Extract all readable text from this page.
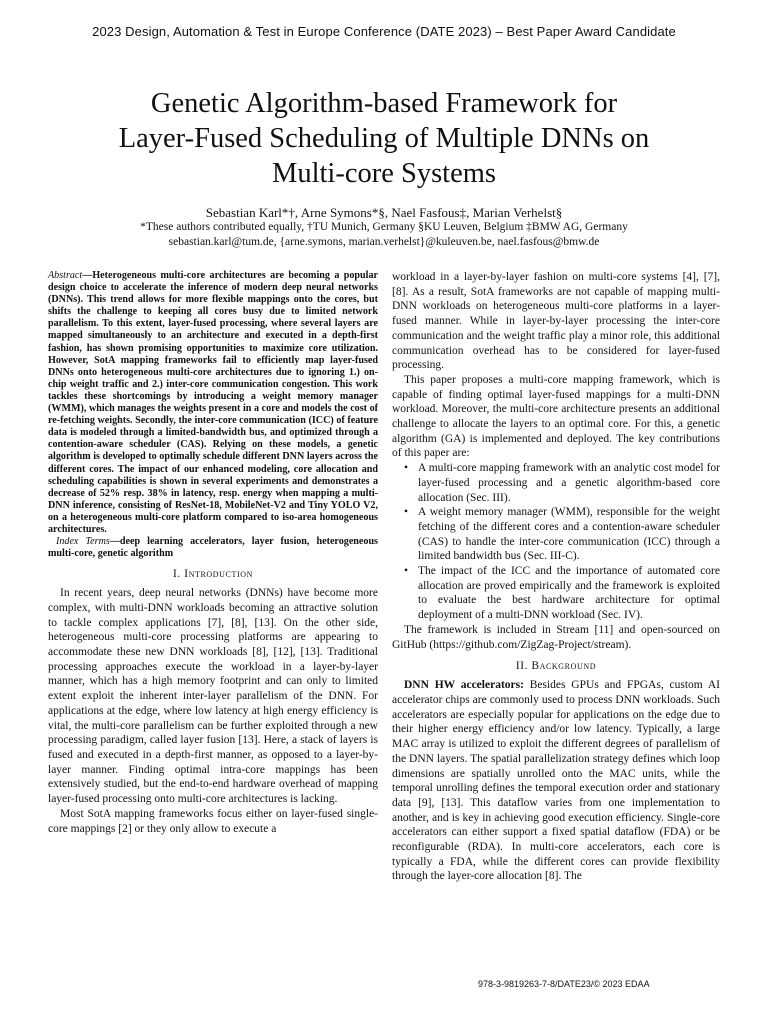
2023 Design, Automation & Test in Europe Conference (DATE 2023) – Best Paper Award Candidate
Genetic Algorithm-based Framework for
Layer-Fused Scheduling of Multiple DNNs on
Multi-core Systems
Sebastian Karl*†, Arne Symons*§, Nael Fasfous‡, Marian Verhelst§
*These authors contributed equally, †TU Munich, Germany §KU Leuven, Belgium ‡BMW AG, Germany
sebastian.karl@tum.de, {arne.symons, marian.verhelst}@kuleuven.be, nael.fasfous@bmw.de

Abstract—Heterogeneous multi-core architectures are becoming a popular design choice to accelerate the inference of modern deep neural networks (DNNs). This trend allows for more flexible mappings onto the cores, but shifts the challenge to keeping all cores busy due to limited network parallelism. To this extent, layer-fused processing, where several layers are mapped simultaneously to an architecture and executed in a depth-first fashion, has shown promising opportunities to maximize core utilization. However, SotA mapping frameworks fail to efficiently map layer-fused DNNs onto heterogeneous multi-core architectures due to ignoring 1.) on-chip weight traffic and 2.) inter-core communication congestion. This work tackles these shortcomings by introducing a weight memory manager (WMM), which manages the weights present in a core and models the cost of re-fetching weights. Secondly, the inter-core communication (ICC) of feature data is modeled through a limited-bandwidth bus, and optimized through a contention-aware scheduler (CAS). Relying on these models, a genetic algorithm is developed to optimally schedule different DNN layers across the different cores. The impact of our enhanced modeling, core allocation and scheduling capabilities is shown in several experiments and demonstrates a decrease of 52% resp. 38% in latency, resp. energy when mapping a multi-DNN inference, consisting of ResNet-18, MobileNet-V2 and Tiny YOLO V2, on a heterogeneous multi-core platform compared to iso-area homogeneous architectures.

Index Terms—deep learning accelerators, layer fusion, heterogeneous multi-core, genetic algorithm

I. Introduction

In recent years, deep neural networks (DNNs) have become more complex, with multi-DNN workloads becoming an attractive solution to tackle complex applications [7], [8], [13]. On the other side, heterogeneous multi-core processing platforms are appearing to accommodate these new DNN workloads [8], [12], [13]. Traditional processing approaches execute the workload in a layer-by-layer manner, which has a high memory footprint and can only to limited extent exploit the inherent inter-layer parallelism of the DNN. For applications at the edge, where low latency at high energy efficiency is vital, the multi-core parallelism can be further exploited through a new processing paradigm, called layer fusion [13]. Here, a stack of layers is fused and executed in a depth-first manner, as opposed to a layer-by-layer manner. Finding optimal intra-core mappings has been extensively studied, but the end-to-end hardware overhead of mapping layer-fused processing onto multi-core architectures is lacking.

Most SotA mapping frameworks focus either on layer-fused single-core mappings [2] or they only allow to execute a

workload in a layer-by-layer fashion on multi-core systems [4], [7], [8]. As a result, SotA frameworks are not capable of mapping multi-DNN workloads on heterogeneous multi-core platforms in a layer-fused manner. While in layer-by-layer processing the inter-core communication and the weight traffic play a minor role, this additional communication overhead has to be considered for layer-fused processing.

This paper proposes a multi-core mapping framework, which is capable of finding optimal layer-fused mappings for a multi-DNN workload. Moreover, the multi-core architecture presents an additional challenge to allocate the layers to an optimal core. For this, a genetic algorithm (GA) is implemented and deployed. The key contributions of this paper are:

• A multi-core mapping framework with an analytic cost model for layer-fused processing and a genetic algorithm-based core allocation (Sec. III).
• A weight memory manager (WMM), responsible for the weight fetching of the different cores and a contention-aware scheduler (CAS) to handle the inter-core communication (ICC) through a limited bandwidth bus (Sec. III-C).
• The impact of the ICC and the importance of automated core allocation are proved empirically and the framework is exploited to evaluate the best hardware architecture for optimal deployment of a multi-DNN workload (Sec. IV).

The framework is included in Stream [11] and open-sourced on GitHub (https://github.com/ZigZag-Project/stream).

II. Background

DNN HW accelerators: Besides GPUs and FPGAs, custom AI accelerator chips are commonly used to process DNN workloads. Such accelerators are especially popular for applications on the edge due to their higher energy efficiency and/or low latency. Typically, a large MAC array is utilized to exploit the different degrees of parallelism of the DNN layers. The spatial parallelization strategy defines which loop dimensions are spatially unrolled onto the MAC units, while the temporal unrolling defines the temporal execution order and stationary data [9], [13]. This dataflow varies from one implementation to another, and is key in achieving good execution efficiency. Single-core accelerators can either support a fixed spatial dataflow (FDA) or be reconfigurable (RDA). In multi-core accelerators, each core is typically a FDA, while the different cores can provide flexibility through the layer-core allocation [8]. The

978-3-9819263-7-8/DATE23/© 2023 EDAA
